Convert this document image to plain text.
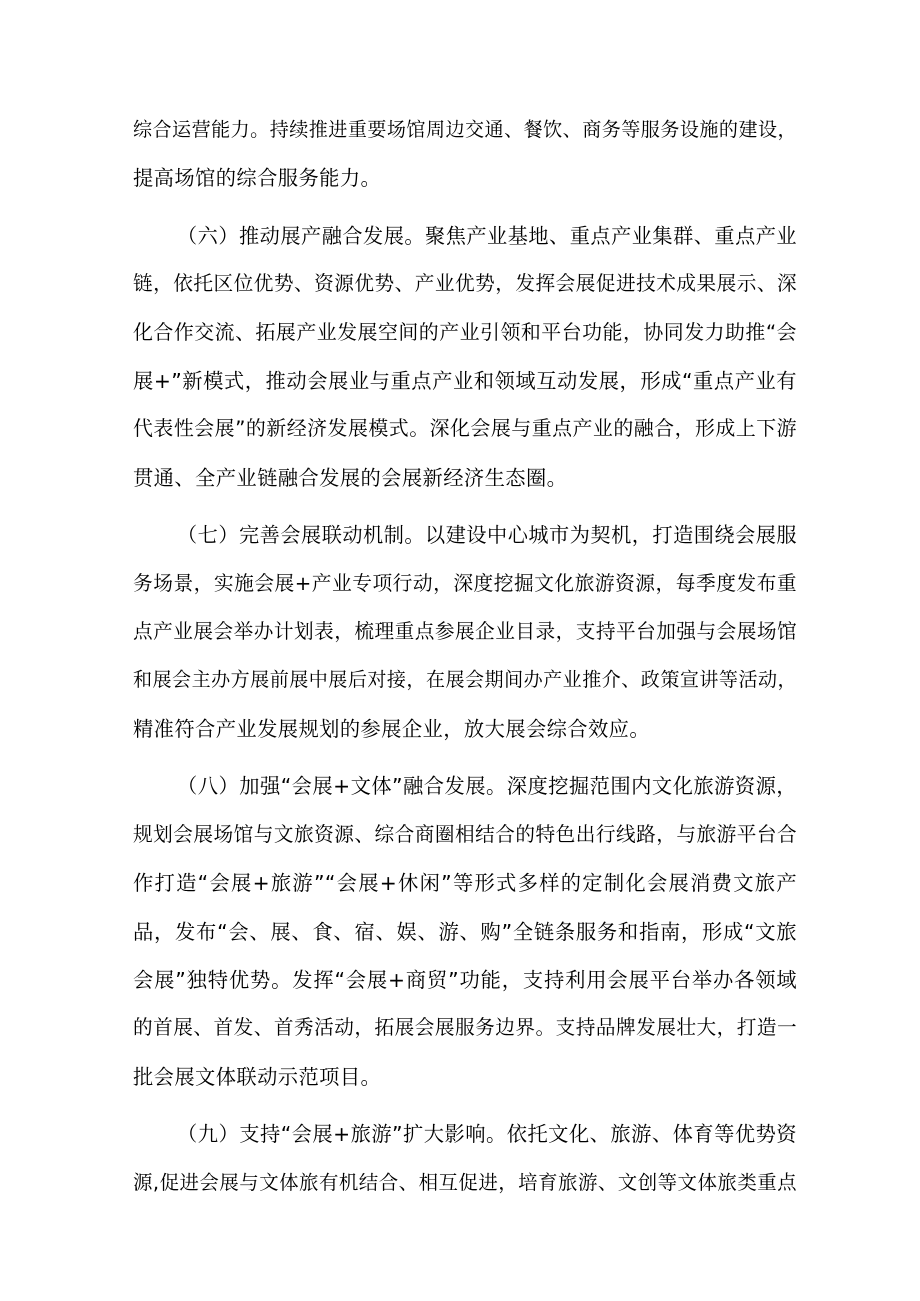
综合运营能力。持续推进重要场馆周边交通、餐饮、商务等服务设施的建设，
提高场馆的综合服务能力。
（六）推动展产融合发展。聚焦产业基地、重点产业集群、重点产业
链，依托区位优势、资源优势、产业优势，发挥会展促进技术成果展示、深
化合作交流、拓展产业发展空间的产业引领和平台功能，协同发力助推“会
展+”新模式，推动会展业与重点产业和领域互动发展，形成“重点产业有
代表性会展”的新经济发展模式。深化会展与重点产业的融合，形成上下游
贯通、全产业链融合发展的会展新经济生态圈。
（七）完善会展联动机制。以建设中心城市为契机，打造围绕会展服
务场景，实施会展+产业专项行动，深度挖掘文化旅游资源，每季度发布重
点产业展会举办计划表，梳理重点参展企业目录，支持平台加强与会展场馆
和展会主办方展前展中展后对接，在展会期间办产业推介、政策宣讲等活动，
精准符合产业发展规划的参展企业，放大展会综合效应。
（八）加强“会展+文体”融合发展。深度挖掘范围内文化旅游资源，
规划会展场馆与文旅资源、综合商圈相结合的特色出行线路，与旅游平台合
作打造“会展+旅游”“会展+休闲”等形式多样的定制化会展消费文旅产
品，发布“会、展、食、宿、娱、游、购”全链条服务和指南，形成“文旅
会展”独特优势。发挥“会展+商贸”功能，支持利用会展平台举办各领域
的首展、首发、首秀活动，拓展会展服务边界。支持品牌发展壮大，打造一
批会展文体联动示范项目。
（九）支持“会展+旅游”扩大影响。依托文化、旅游、体育等优势资
源,促进会展与文体旅有机结合、相互促进，培育旅游、文创等文体旅类重点
